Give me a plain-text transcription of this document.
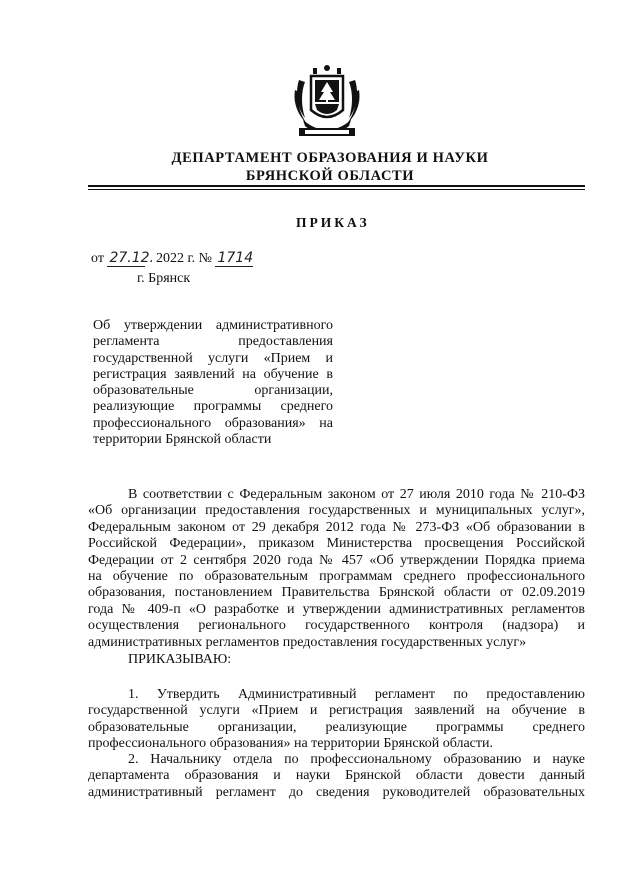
ДЕПАРТАМЕНТ ОБРАЗОВАНИЯ И НАУКИ
БРЯНСКОЙ ОБЛАСТИ
ПРИКАЗ
от 27.12. 2022 г. № 1714
г. Брянск
Об утверждении административного
регламента предоставления
государственной услуги «Прием и
регистрация заявлений на обучение в
образовательные организации,
реализующие программы среднего
профессионального образования» на
территории Брянской области
В соответствии с Федеральным законом от 27 июля 2010 года № 210-ФЗ
«Об организации предоставления государственных и муниципальных услуг»,
Федеральным законом от 29 декабря 2012 года № 273-ФЗ «Об образовании в
Российской Федерации», приказом Министерства просвещения Российской
Федерации от 2 сентября 2020 года № 457 «Об утверждении Порядка приема
на обучение по образовательным программам среднего профессионального
образования, постановлением Правительства Брянской области от 02.09.2019
года № 409-п «О разработке и утверждении административных регламентов
осуществления регионального государственного контроля (надзора) и
административных регламентов предоставления государственных услуг»
ПРИКАЗЫВАЮ:
1. Утвердить Административный регламент по предоставлению
государственной услуги «Прием и регистрация заявлений на обучение в
образовательные организации, реализующие программы среднего
профессионального образования» на территории Брянской области.
2. Начальнику отдела по профессиональному образованию и науке
департамента образования и науки Брянской области довести данный
административный регламент до сведения руководителей образовательных
